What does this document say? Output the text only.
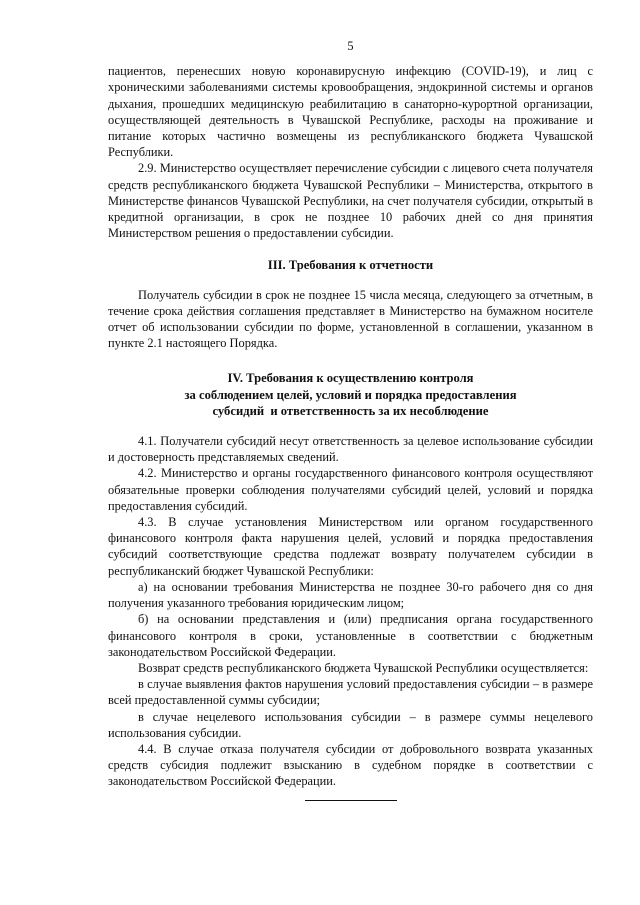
5

пациентов, перенесших новую коронавирусную инфекцию (COVID-19), и лиц с хроническими заболеваниями системы кровообращения, эндокринной системы и органов дыхания, прошедших медицинскую реабилитацию в санаторно-курортной организации, осуществляющей деятельность в Чувашской Республике, расходы на проживание и питание которых частично возмещены из республиканского бюджета Чувашской Республики.

2.9. Министерство осуществляет перечисление субсидии с лицевого счета получателя средств республиканского бюджета Чувашской Республики – Министерства, открытого в Министерстве финансов Чувашской Республики, на счет получателя субсидии, открытый в кредитной организации, в срок не позднее 10 рабочих дней со дня принятия Министерством решения о предоставлении субсидии.

III. Требования к отчетности

Получатель субсидии в срок не позднее 15 числа месяца, следующего за отчетным, в течение срока действия соглашения представляет в Министерство на бумажном носителе отчет об использовании субсидии по форме, установленной в соглашении, указанном в пункте 2.1 настоящего Порядка.

IV. Требования к осуществлению контроля
за соблюдением целей, условий и порядка предоставления
субсидий  и ответственность за их несоблюдение

4.1. Получатели субсидий несут ответственность за целевое использование субсидии и достоверность представляемых сведений.

4.2. Министерство и органы государственного финансового контроля осуществляют обязательные проверки соблюдения получателями субсидий целей, условий и порядка предоставления субсидий.

4.3. В случае установления Министерством или органом государственного финансового контроля факта нарушения целей, условий и порядка предоставления субсидий соответствующие средства подлежат возврату получателем субсидии в республиканский бюджет Чувашской Республики:

а) на основании требования Министерства не позднее 30-го рабочего дня со дня получения указанного требования юридическим лицом;

б) на основании представления и (или) предписания органа государственного финансового контроля в сроки, установленные в соответствии с бюджетным законодательством Российской Федерации.

Возврат средств республиканского бюджета Чувашской Республики осуществляется:

в случае выявления фактов нарушения условий предоставления субсидии – в размере всей предоставленной суммы субсидии;

в случае нецелевого использования субсидии – в размере суммы нецелевого использования субсидии.

4.4. В случае отказа получателя субсидии от добровольного возврата указанных средств субсидия подлежит взысканию в судебном порядке в соответствии с законодательством Российской Федерации.
